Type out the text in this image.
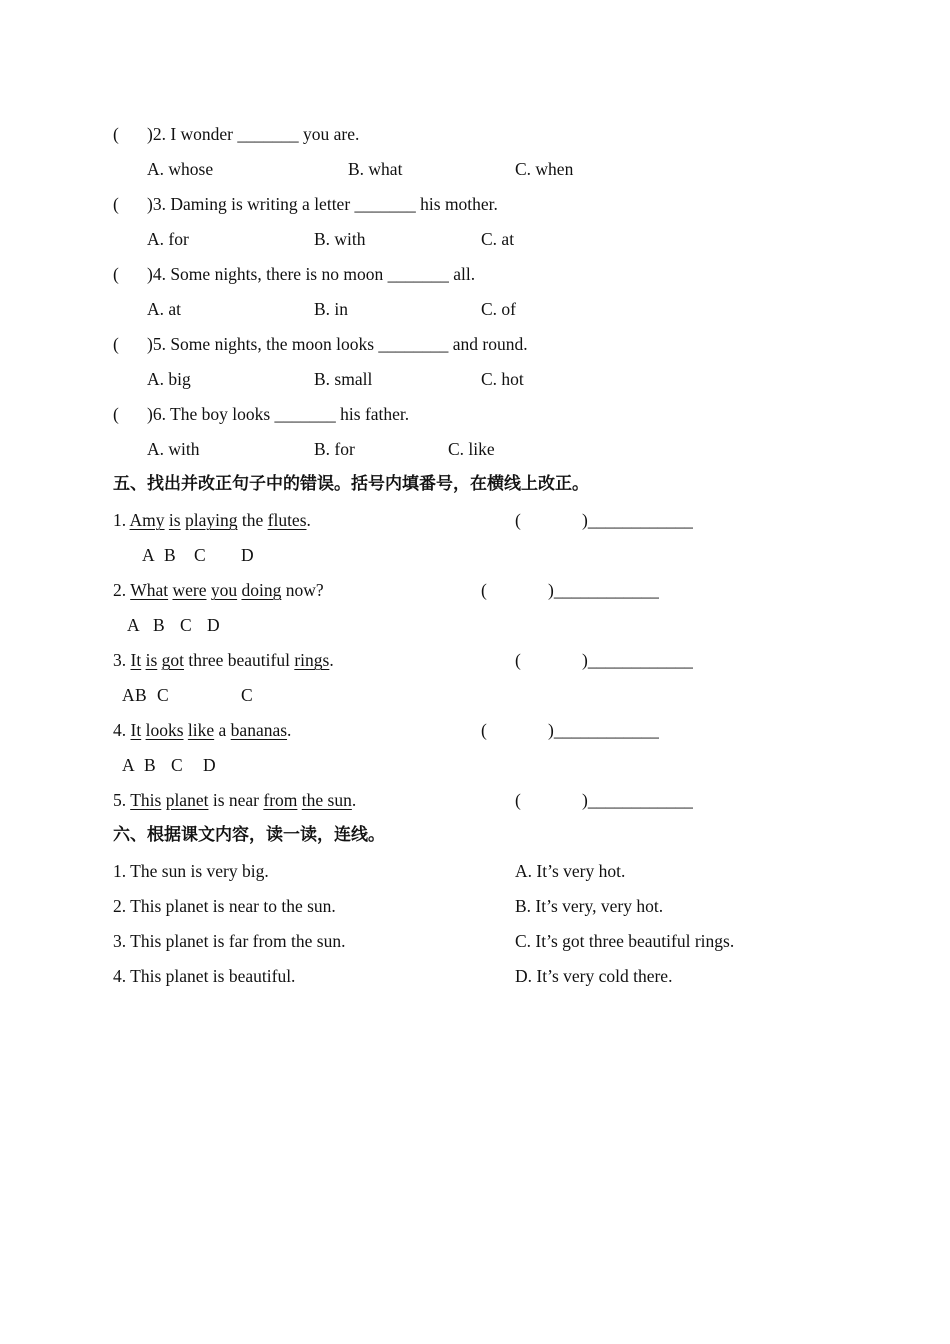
( )2. I wonder _______ you are.
A. whose	B. what	C. when
( )3. Daming is writing a letter _______ his mother.
A. for	B. with	C. at
( )4. Some nights, there is no moon _______ all.
A. at	B. in	C. of
( )5. Some nights, the moon looks ________ and round.
A. big	B. small	C. hot
( )6. The boy looks _______ his father.
A. with	B. for	C. like
五、找出并改正句子中的错误。括号内填番号，在横线上改正。
1. Amy is playing the flutes.	(	)____________
A B C D
2. What were you doing now?	(	)____________
A B C D
3. It is got three beautiful rings.	(	)____________
A B C	C
4. It looks like a bananas.	(	)____________
A B C D
5. This planet is near from the sun.	(	)____________
六、根据课文内容，读一读，连线。
1. The sun is very big.
2. This planet is near to the sun.
3. This planet is far from the sun.
4. This planet is beautiful.
A. It’s very hot.
B. It’s very, very hot.
C. It’s got three beautiful rings.
D. It’s very cold there.
